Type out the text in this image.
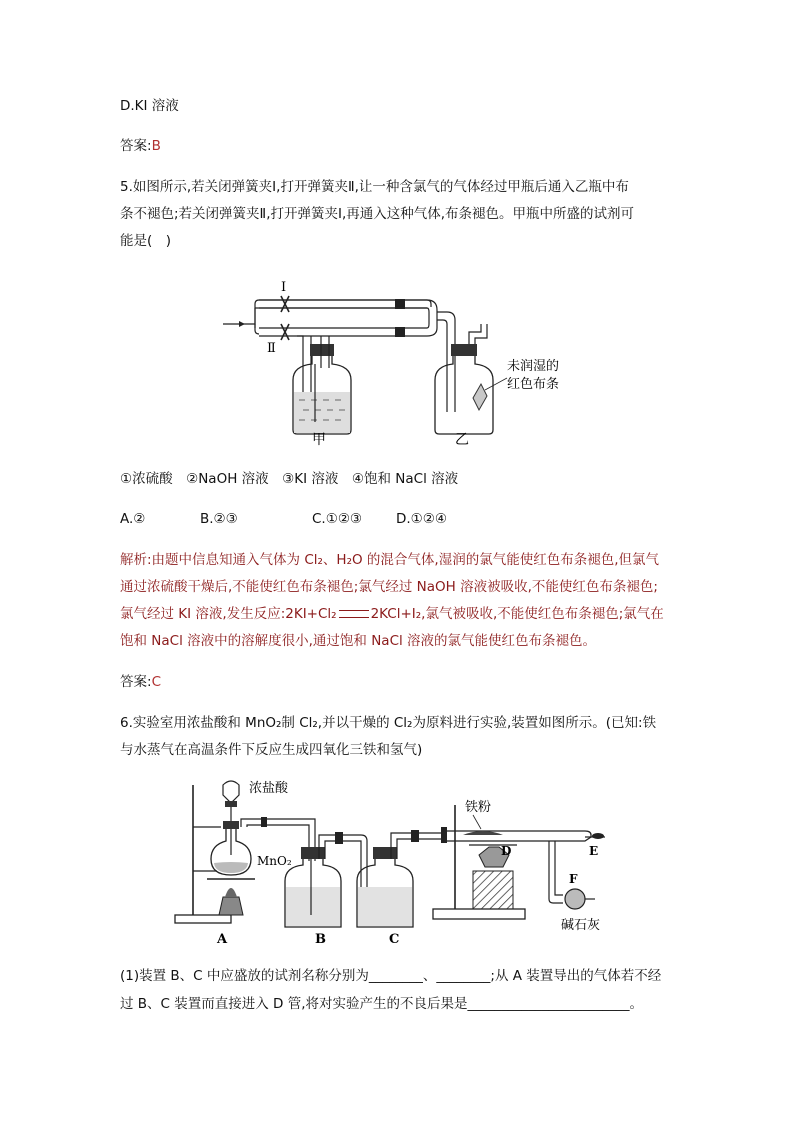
D.KI 溶液
答案:B
5.如图所示,若关闭弹簧夹Ⅰ,打开弹簧夹Ⅱ,让一种含氯气的气体经过甲瓶后通入乙瓶中布
条不褪色;若关闭弹簧夹Ⅱ,打开弹簧夹Ⅰ,再通入这种气体,布条褪色。甲瓶中所盛的试剂可
能是(　)
Ⅰ
Ⅱ
甲	乙
未润湿的
红色布条
①浓硫酸　②NaOH 溶液　③KI 溶液　④饱和 NaCl 溶液
A.②	B.②③	C.①②③	D.①②④
解析:由题中信息知通入气体为 Cl₂、H₂O 的混合气体,湿润的氯气能使红色布条褪色,但氯气
通过浓硫酸干燥后,不能使红色布条褪色;氯气经过 NaOH 溶液被吸收,不能使红色布条褪色;
氯气经过 KI 溶液,发生反应:2KI+Cl₂	2KCl+I₂,氯气被吸收,不能使红色布条褪色;氯气在
饱和 NaCl 溶液中的溶解度很小,通过饱和 NaCl 溶液的氯气能使红色布条褪色。
答案:C
6.实验室用浓盐酸和 MnO₂制 Cl₂,并以干燥的 Cl₂为原料进行实验,装置如图所示。(已知:铁
与水蒸气在高温条件下反应生成四氧化三铁和氢气)
浓盐酸
MnO₂
A	B	C
铁粉
D	E
F
碱石灰
(1)装置 B、C 中应盛放的试剂名称分别为________、________;从 A 装置导出的气体若不经
过 B、C 装置而直接进入 D 管,将对实验产生的不良后果是________________________。
